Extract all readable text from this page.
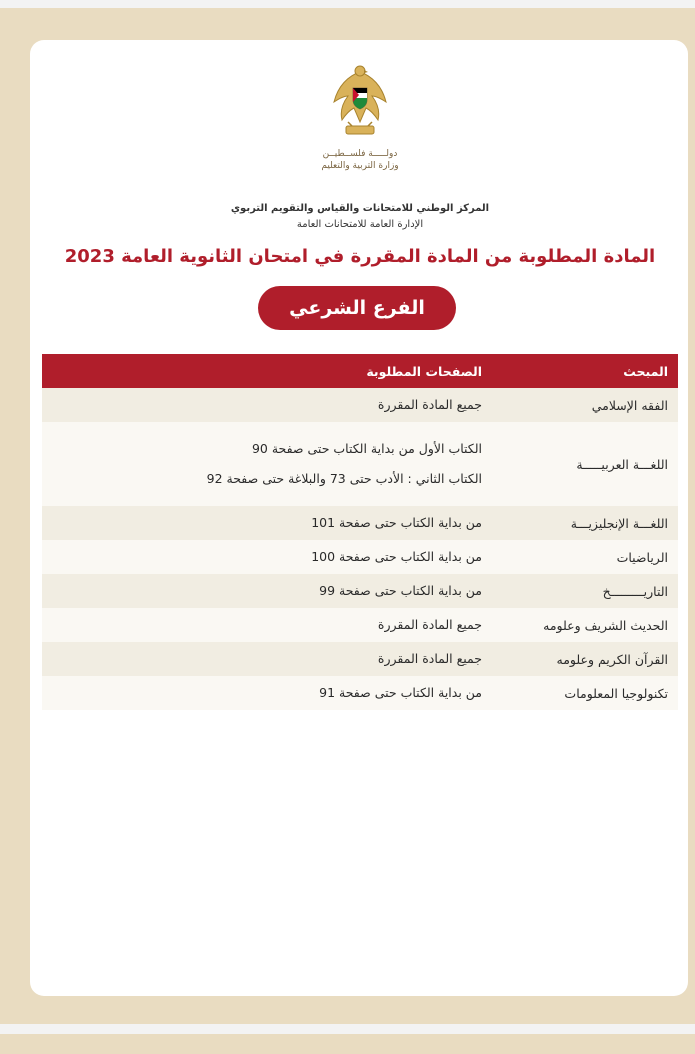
دولـــــة فلســطيــن
وزارة التربية والتعليم
المركز الوطني للامتحانات والقياس والتقويم التربوي
الإدارة العامة للامتحانات العامة
المادة المطلوبة من المادة المقررة في امتحان الثانوية العامة 2023
الفرع الشرعي
المبحث
الصفحات المطلوبة
الفقه الإسلامي
جميع المادة المقررة
اللغـــة العربيـــــة
الكتاب الأول من بداية الكتاب حتى صفحة 90
الكتاب الثاني : الأدب حتى 73 والبلاغة حتى صفحة 92
اللغـــة الإنجليزيـــة
من بداية الكتاب حتى صفحة 101
الرياضيات
من بداية الكتاب حتى صفحة 100
التاريـــــــــخ
من بداية الكتاب حتى صفحة 99
الحديث الشريف وعلومه
جميع المادة المقررة
القرآن الكريم وعلومه
جميع المادة المقررة
تكنولوجيا المعلومات
من بداية الكتاب حتى صفحة 91
